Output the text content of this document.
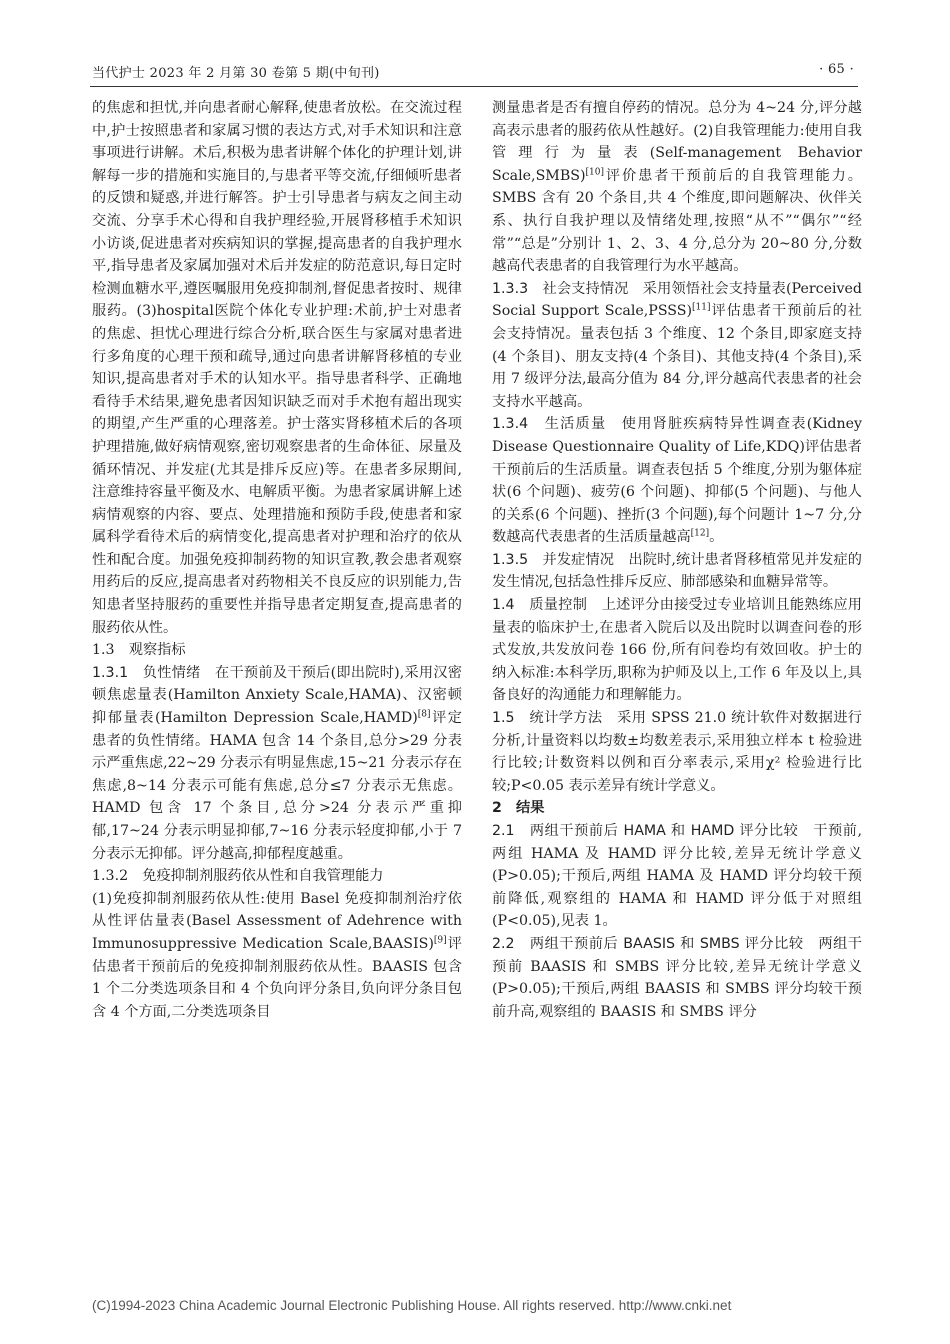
当代护士 2023 年 2 月第 30 卷第 5 期(中旬刊)	· 65 ·

的焦虑和担忧,并向患者耐心解释,使患者放松。在交流过程中,护士按照患者和家属习惯的表达方式,对手术知识和注意事项进行讲解。术后,积极为患者讲解个体化的护理计划,讲解每一步的措施和实施目的,与患者平等交流,仔细倾听患者的反馈和疑惑,并进行解答。护士引导患者与病友之间主动交流、分享手术心得和自我护理经验,开展肾移植手术知识小访谈,促进患者对疾病知识的掌握,提高患者的自我护理水平,指导患者及家属加强对术后并发症的防范意识,每日定时检测血糖水平,遵医嘱服用免疫抑制剂,督促患者按时、规律服药。(3)hospital医院个体化专业护理:术前,护士对患者的焦虑、担忧心理进行综合分析,联合医生与家属对患者进行多角度的心理干预和疏导,通过向患者讲解肾移植的专业知识,提高患者对手术的认知水平。指导患者科学、正确地看待手术结果,避免患者因知识缺乏而对手术抱有超出现实的期望,产生严重的心理落差。护士落实肾移植术后的各项护理措施,做好病情观察,密切观察患者的生命体征、尿量及循环情况、并发症(尤其是排斥反应)等。在患者多尿期间,注意维持容量平衡及水、电解质平衡。为患者家属讲解上述病情观察的内容、要点、处理措施和预防手段,使患者和家属科学看待术后的病情变化,提高患者对护理和治疗的依从性和配合度。加强免疫抑制药物的知识宣教,教会患者观察用药后的反应,提高患者对药物相关不良反应的识别能力,告知患者坚持服药的重要性并指导患者定期复查,提高患者的服药依从性。

1.3　观察指标

1.3.1　负性情绪　在干预前及干预后(即出院时),采用汉密顿焦虑量表(Hamilton Anxiety Scale,HAMA)、汉密顿抑郁量表(Hamilton Depression Scale,HAMD)[8]评定患者的负性情绪。HAMA 包含 14 个条目,总分>29 分表示严重焦虑,22~29 分表示有明显焦虑,15~21 分表示存在焦虑,8~14 分表示可能有焦虑,总分≤7 分表示无焦虑。HAMD 包含 17 个条目,总分>24 分表示严重抑郁,17~24 分表示明显抑郁,7~16 分表示轻度抑郁,小于 7 分表示无抑郁。评分越高,抑郁程度越重。

1.3.2　免疫抑制剂服药依从性和自我管理能力

(1)免疫抑制剂服药依从性:使用 Basel 免疫抑制剂治疗依从性评估量表(Basel Assessment of Adehrence with Immunosuppressive Medication Scale,BAASIS)[9]评估患者干预前后的免疫抑制剂服药依从性。BAASIS 包含 1 个二分类选项条目和 4 个负向评分条目,负向评分条目包含 4 个方面,二分类选项条目

测量患者是否有擅自停药的情况。总分为 4~24 分,评分越高表示患者的服药依从性越好。(2)自我管理能力:使用自我管理行为量表(Self-management Behavior Scale,SMBS)[10]评价患者干预前后的自我管理能力。SMBS 含有 20 个条目,共 4 个维度,即问题解决、伙伴关系、执行自我护理以及情绪处理,按照“从不”“偶尔”“经常”“总是”分别计 1、2、3、4 分,总分为 20~80 分,分数越高代表患者的自我管理行为水平越高。

1.3.3　社会支持情况　采用领悟社会支持量表(Perceived Social Support Scale,PSSS)[11]评估患者干预前后的社会支持情况。量表包括 3 个维度、12 个条目,即家庭支持(4 个条目)、朋友支持(4 个条目)、其他支持(4 个条目),采用 7 级评分法,最高分值为 84 分,评分越高代表患者的社会支持水平越高。

1.3.4　生活质量　使用肾脏疾病特异性调查表(Kidney Disease Questionnaire Quality of Life,KDQ)评估患者干预前后的生活质量。调查表包括 5 个维度,分别为躯体症状(6 个问题)、疲劳(6 个问题)、抑郁(5 个问题)、与他人的关系(6 个问题)、挫折(3 个问题),每个问题计 1~7 分,分数越高代表患者的生活质量越高[12]。

1.3.5　并发症情况　出院时,统计患者肾移植常见并发症的发生情况,包括急性排斥反应、肺部感染和血糖异常等。

1.4　质量控制　上述评分由接受过专业培训且能熟练应用量表的临床护士,在患者入院后以及出院时以调查问卷的形式发放,共发放问卷 166 份,所有问卷均有效回收。护士的纳入标准:本科学历,职称为护师及以上,工作 6 年及以上,具备良好的沟通能力和理解能力。

1.5　统计学方法　采用 SPSS 21.0 统计软件对数据进行分析,计量资料以均数±均数差表示,采用独立样本 t 检验进行比较;计数资料以例和百分率表示,采用χ² 检验进行比较;P<0.05 表示差异有统计学意义。

2　结果

2.1　两组干预前后 HAMA 和 HAMD 评分比较　干预前,两组 HAMA 及 HAMD 评分比较,差异无统计学意义(P>0.05);干预后,两组 HAMA 及 HAMD 评分均较干预前降低,观察组的 HAMA 和 HAMD 评分低于对照组(P<0.05),见表 1。

2.2　两组干预前后 BAASIS 和 SMBS 评分比较　两组干预前 BAASIS 和 SMBS 评分比较,差异无统计学意义(P>0.05);干预后,两组 BAASIS 和 SMBS 评分均较干预前升高,观察组的 BAASIS 和 SMBS 评分

(C)1994-2023 China Academic Journal Electronic Publishing House. All rights reserved. http://www.cnki.net
